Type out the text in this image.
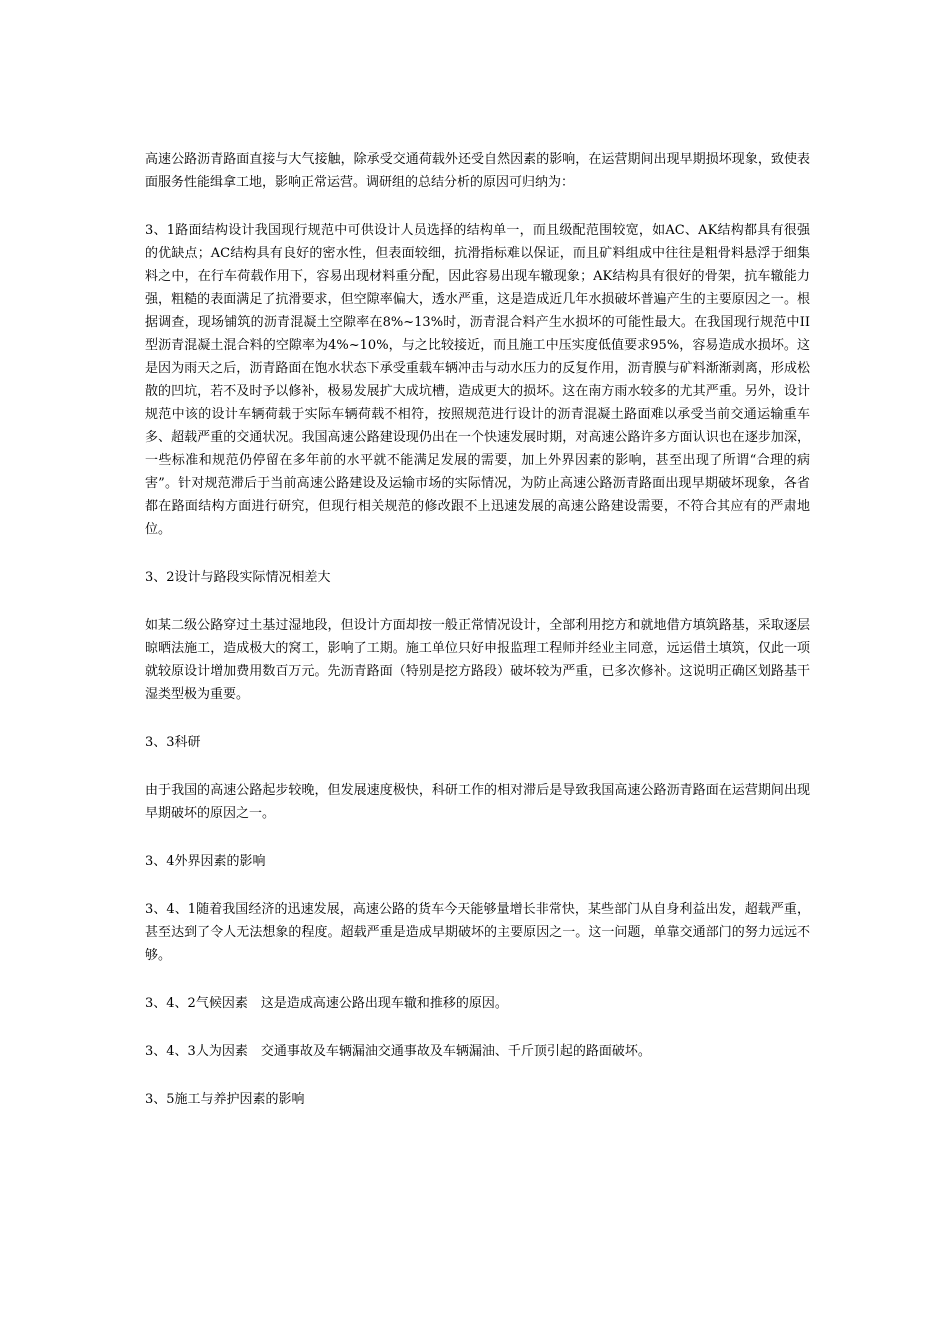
高速公路沥青路面直接与大气接触，除承受交通荷载外还受自然因素的影响，在运营期间出现早期损坏现象，致使表面服务性能缉拿工地，影响正常运营。调研组的总结分析的原因可归纳为：

3、1路面结构设计我国现行规范中可供设计人员选择的结构单一，而且级配范围较宽，如AC、AK结构都具有很强的优缺点；AC结构具有良好的密水性，但表面较细，抗滑指标难以保证，而且矿料组成中往往是粗骨料悬浮于细集料之中，在行车荷载作用下，容易出现材料重分配，因此容易出现车辙现象；AK结构具有很好的骨架，抗车辙能力强，粗糙的表面满足了抗滑要求，但空隙率偏大，透水严重，这是造成近几年水损破坏普遍产生的主要原因之一。根据调查，现场铺筑的沥青混凝土空隙率在8%~13%时，沥青混合料产生水损坏的可能性最大。在我国现行规范中II型沥青混凝土混合料的空隙率为4%~10%，与之比较接近，而且施工中压实度低值要求95%，容易造成水损坏。这是因为雨天之后，沥青路面在饱水状态下承受重载车辆冲击与动水压力的反复作用，沥青膜与矿料渐渐剥离，形成松散的凹坑，若不及时予以修补，极易发展扩大成坑槽，造成更大的损坏。这在南方雨水较多的尤其严重。另外，设计规范中该的设计车辆荷载于实际车辆荷载不相符，按照规范进行设计的沥青混凝土路面难以承受当前交通运输重车多、超载严重的交通状况。我国高速公路建设现仍出在一个快速发展时期，对高速公路许多方面认识也在逐步加深，一些标准和规范仍停留在多年前的水平就不能满足发展的需要，加上外界因素的影响，甚至出现了所谓“合理的病害”。针对规范滞后于当前高速公路建设及运输市场的实际情况，为防止高速公路沥青路面出现早期破坏现象，各省都在路面结构方面进行研究，但现行相关规范的修改跟不上迅速发展的高速公路建设需要，不符合其应有的严肃地位。

3、2设计与路段实际情况相差大

如某二级公路穿过土基过湿地段，但设计方面却按一般正常情况设计，全部利用挖方和就地借方填筑路基，采取逐层晾晒法施工，造成极大的窝工，影响了工期。施工单位只好申报监理工程师并经业主同意，远运借土填筑，仅此一项就较原设计增加费用数百万元。先沥青路面（特别是挖方路段）破坏较为严重，已多次修补。这说明正确区划路基干湿类型极为重要。

3、3科研

由于我国的高速公路起步较晚，但发展速度极快，科研工作的相对滞后是导致我国高速公路沥青路面在运营期间出现早期破坏的原因之一。

3、4外界因素的影响

3、4、1随着我国经济的迅速发展，高速公路的货车今天能够量增长非常快，某些部门从自身利益出发，超载严重，甚至达到了令人无法想象的程度。超载严重是造成早期破坏的主要原因之一。这一问题，单靠交通部门的努力远远不够。

3、4、2气候因素　这是造成高速公路出现车辙和推移的原因。

3、4、3人为因素　交通事故及车辆漏油交通事故及车辆漏油、千斤顶引起的路面破坏。

3、5施工与养护因素的影响
